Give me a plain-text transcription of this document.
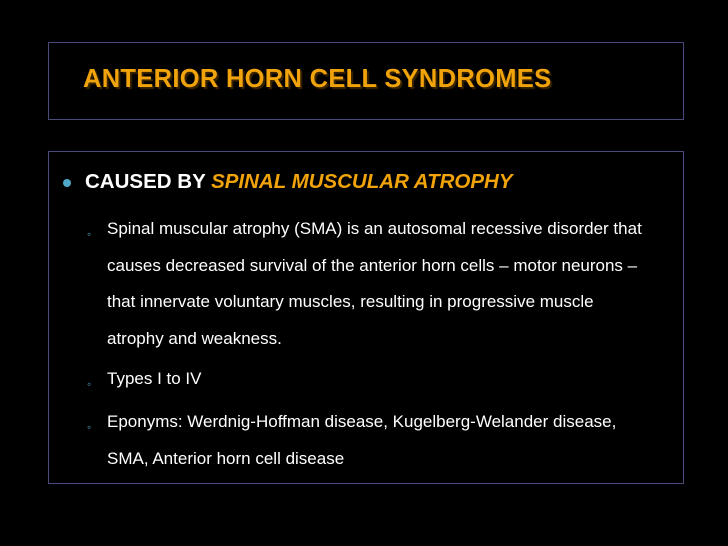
ANTERIOR HORN CELL SYNDROMES
CAUSED BY SPINAL MUSCULAR ATROPHY
◦ Spinal muscular atrophy (SMA) is an autosomal recessive disorder that causes decreased survival of the anterior horn cells – motor neurons – that innervate voluntary muscles, resulting in progressive muscle atrophy and weakness.
◦ Types I to IV
◦ Eponyms: Werdnig-Hoffman disease, Kugelberg-Welander disease, SMA, Anterior horn cell disease
